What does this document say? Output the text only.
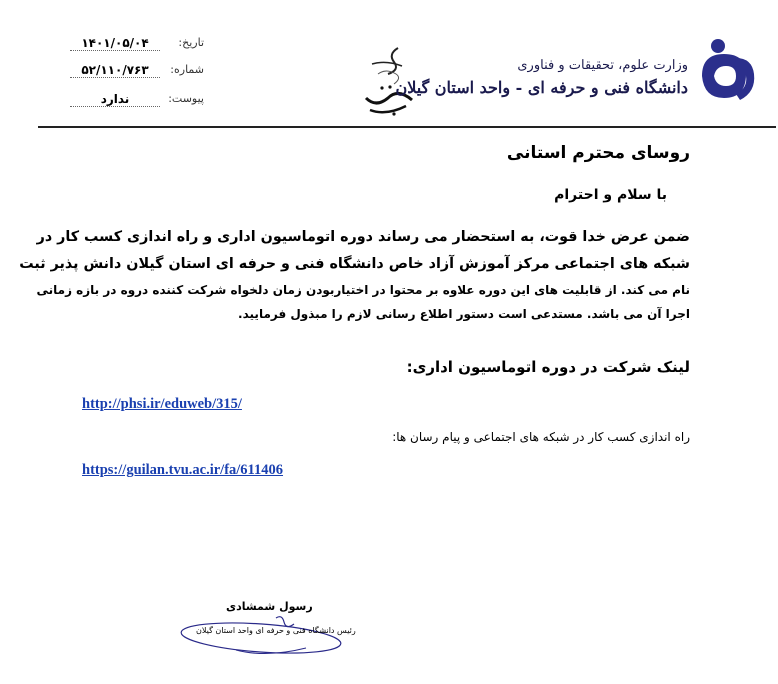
۱۴۰۱/۰۵/۰۴	تاریخ:
۵۲/۱۱۰/۷۶۳	شماره:
ندارد	پیوست:
وزارت علوم، تحقیقات و فناوری
دانشگاه فنی و حرفه ای - واحد استان گیلان
روسای محترم استانی
با سلام و احترام
ضمن عرض خدا قوت، به استحضار می رساند دوره اتوماسیون اداری و راه اندازی کسب کار در
شبکه های اجتماعی مرکز آموزش آزاد خاص دانشگاه فنی و حرفه ای استان گیلان دانش پذیر ثبت
نام می کند. از قابلیت های این دوره علاوه بر محتوا در اختیاربودن زمان دلخواه شرکت کننده دروه در بازه زمانی
اجرا آن می باشد. مستدعی است دستور اطلاع رسانی لازم را مبذول فرمایید.
لینک شرکت در دوره اتوماسیون اداری:
http://phsi.ir/eduweb/315/
راه اندازی کسب کار در شبکه های اجتماعی و پیام رسان ها:
https://guilan.tvu.ac.ir/fa/611406
رسول شمشادی
رئیس دانشگاه فنی و حرفه ای واحد استان گیلان
